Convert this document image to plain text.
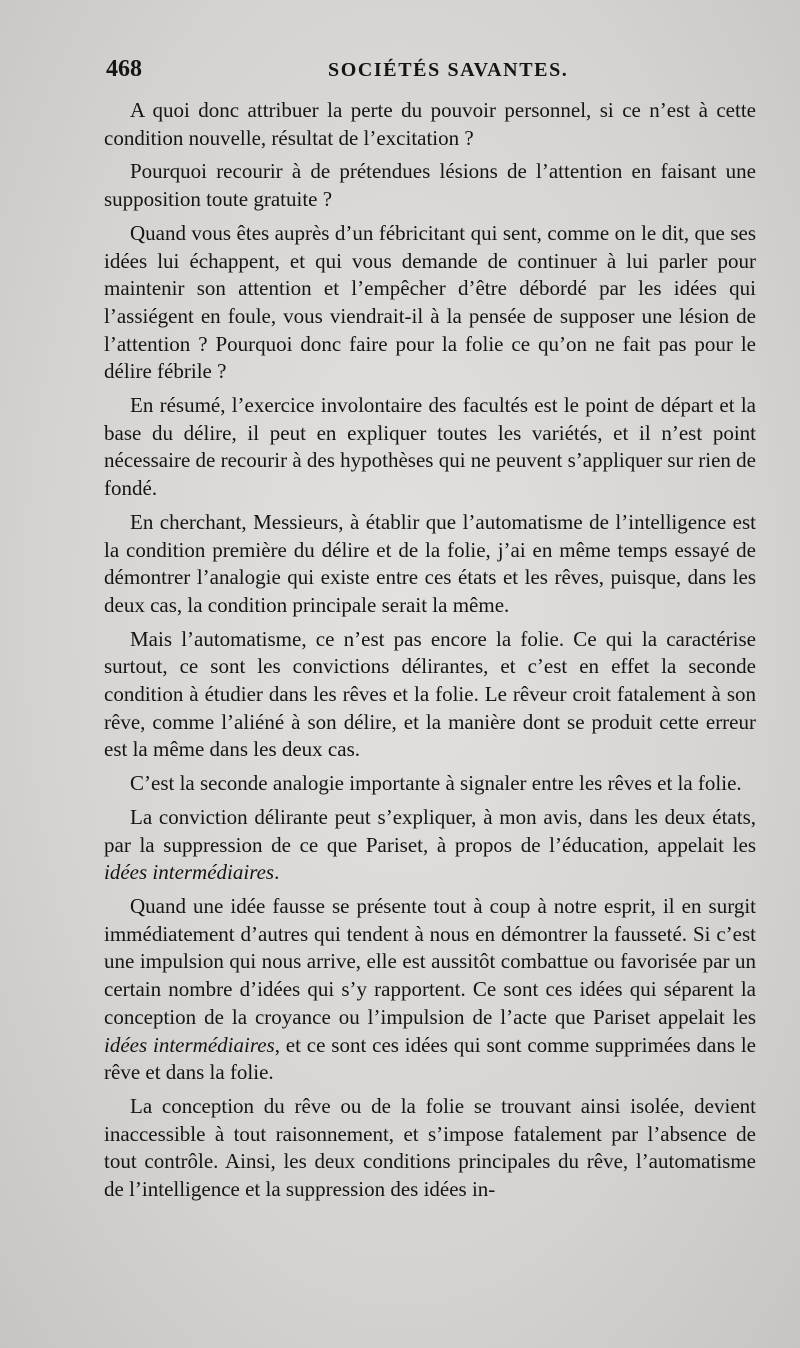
468	SOCIÉTÉS SAVANTES.

A quoi donc attribuer la perte du pouvoir personnel, si ce n’est à cette condition nouvelle, résultat de l’excitation ?

Pourquoi recourir à de prétendues lésions de l’attention en faisant une supposition toute gratuite ?

Quand vous êtes auprès d’un fébricitant qui sent, comme on le dit, que ses idées lui échappent, et qui vous demande de continuer à lui parler pour maintenir son attention et l’empêcher d’être débordé par les idées qui l’assiégent en foule, vous viendrait-il à la pensée de supposer une lésion de l’attention ? Pourquoi donc faire pour la folie ce qu’on ne fait pas pour le délire fébrile ?

En résumé, l’exercice involontaire des facultés est le point de départ et la base du délire, il peut en expliquer toutes les variétés, et il n’est point nécessaire de recourir à des hypothèses qui ne peuvent s’appliquer sur rien de fondé.

En cherchant, Messieurs, à établir que l’automatisme de l’intelligence est la condition première du délire et de la folie, j’ai en même temps essayé de démontrer l’analogie qui existe entre ces états et les rêves, puisque, dans les deux cas, la condition principale serait la même.

Mais l’automatisme, ce n’est pas encore la folie. Ce qui la caractérise surtout, ce sont les convictions délirantes, et c’est en effet la seconde condition à étudier dans les rêves et la folie. Le rêveur croit fatalement à son rêve, comme l’aliéné à son délire, et la manière dont se produit cette erreur est la même dans les deux cas.

C’est la seconde analogie importante à signaler entre les rêves et la folie.

La conviction délirante peut s’expliquer, à mon avis, dans les deux états, par la suppression de ce que Pariset, à propos de l’éducation, appelait les idées intermédiaires.

Quand une idée fausse se présente tout à coup à notre esprit, il en surgit immédiatement d’autres qui tendent à nous en démontrer la fausseté. Si c’est une impulsion qui nous arrive, elle est aussitôt combattue ou favorisée par un certain nombre d’idées qui s’y rapportent. Ce sont ces idées qui séparent la conception de la croyance ou l’impulsion de l’acte que Pariset appelait les idées intermédiaires, et ce sont ces idées qui sont comme supprimées dans le rêve et dans la folie.

La conception du rêve ou de la folie se trouvant ainsi isolée, devient inaccessible à tout raisonnement, et s’impose fatalement par l’absence de tout contrôle. Ainsi, les deux conditions principales du rêve, l’automatisme de l’intelligence et la suppression des idées in-
